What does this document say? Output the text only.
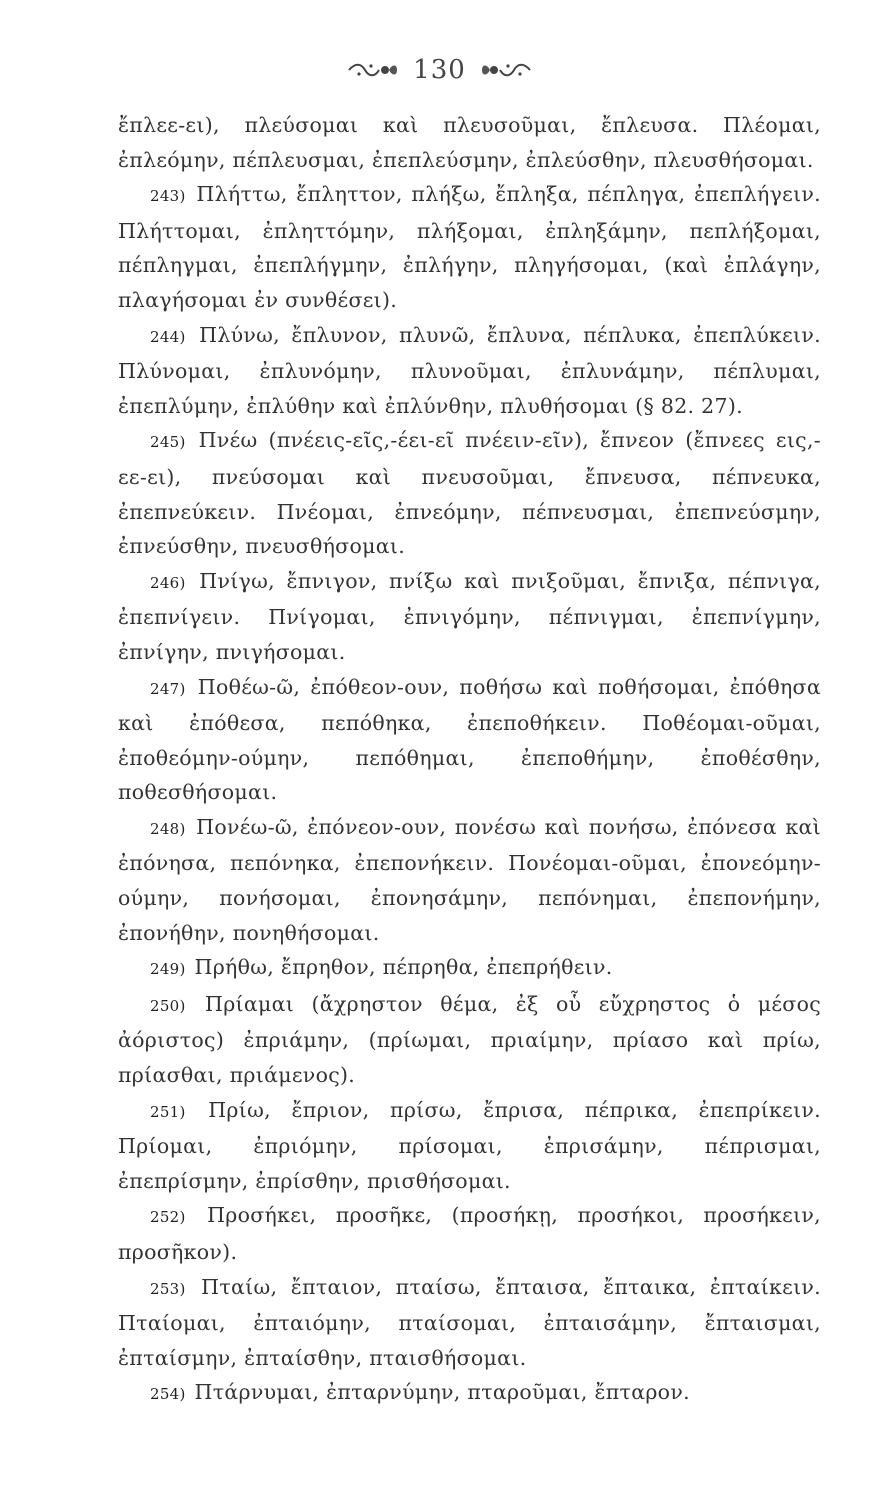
130

ἔπλεε-ει), πλεύσομαι καὶ πλευσοῦμαι, ἔπλευσα. Πλέομαι, ἐπλεόμην, πέπλευσμαι, ἐπεπλεύσμην, ἐπλεύσθην, πλευσθήσομαι.

243) Πλήττω, ἔπληττον, πλήξω, ἔπληξα, πέπληγα, ἐπεπλήγειν. Πλήττομαι, ἐπληττόμην, πλήξομαι, ἐπληξάμην, πεπλήξομαι, πέπληγμαι, ἐπεπλήγμην, ἐπλήγην, πληγήσομαι, (καὶ ἐπλάγην, πλαγήσομαι ἐν συνθέσει).

244) Πλύνω, ἔπλυνον, πλυνῶ, ἔπλυνα, πέπλυκα, ἐπεπλύκειν. Πλύνομαι, ἐπλυνόμην, πλυνοῦμαι, ἐπλυνάμην, πέπλυμαι, ἐπεπλύμην, ἐπλύθην καὶ ἐπλύνθην, πλυθήσομαι (§ 82. 27).

245) Πνέω (πνέεις-εῖς,-έει-εῖ πνέειν-εῖν), ἔπνεον (ἔπνεες εις,-εε-ει), πνεύσομαι καὶ πνευσοῦμαι, ἔπνευσα, πέπνευκα, ἐπεπνεύκειν. Πνέομαι, ἐπνεόμην, πέπνευσμαι, ἐπεπνεύσμην, ἐπνεύσθην, πνευσθήσομαι.

246) Πνίγω, ἔπνιγον, πνίξω καὶ πνιξοῦμαι, ἔπνιξα, πέπνιγα, ἐπεπνίγειν. Πνίγομαι, ἐπνιγόμην, πέπνιγμαι, ἐπεπνίγμην, ἐπνίγην, πνιγήσομαι.

247) Ποθέω-ῶ, ἐπόθεον-ουν, ποθήσω καὶ ποθήσομαι, ἐπόθησα καὶ ἐπόθεσα, πεπόθηκα, ἐπεποθήκειν. Ποθέομαι-οῦμαι, ἐποθεόμην-ούμην, πεπόθημαι, ἐπεποθήμην, ἐποθέσθην, ποθεσθήσομαι.

248) Πονέω-ῶ, ἐπόνεον-ουν, πονέσω καὶ πονήσω, ἐπόνεσα καὶ ἐπόνησα, πεπόνηκα, ἐπεπονήκειν. Πονέομαι-οῦμαι, ἐπονεόμην-ούμην, πονήσομαι, ἐπονησάμην, πεπόνημαι, ἐπεπονήμην, ἐπονήθην, πονηθήσομαι.

249) Πρήθω, ἔπρηθον, πέπρηθα, ἐπεπρήθειν.

250) Πρίαμαι (ἄχρηστον θέμα, ἐξ οὗ εὔχρηστος ὁ μέσος ἀόριστος) ἐπριάμην, (πρίωμαι, πριαίμην, πρίασο καὶ πρίω, πρίασθαι, πριάμενος).

251) Πρίω, ἔπριον, πρίσω, ἔπρισα, πέπρικα, ἐπεπρίκειν. Πρίομαι, ἐπριόμην, πρίσομαι, ἐπρισάμην, πέπρισμαι, ἐπεπρίσμην, ἐπρίσθην, πρισθήσομαι.

252) Προσήκει, προσῆκε, (προσήκῃ, προσήκοι, προσήκειν, προσῆκον).

253) Πταίω, ἔπταιον, πταίσω, ἔπταισα, ἔπταικα, ἐπταίκειν. Πταίομαι, ἐπταιόμην, πταίσομαι, ἐπταισάμην, ἔπταισμαι, ἐπταίσμην, ἐπταίσθην, πταισθήσομαι.

254) Πτάρνυμαι, ἐπταρνύμην, πταροῦμαι, ἔπταρον.
